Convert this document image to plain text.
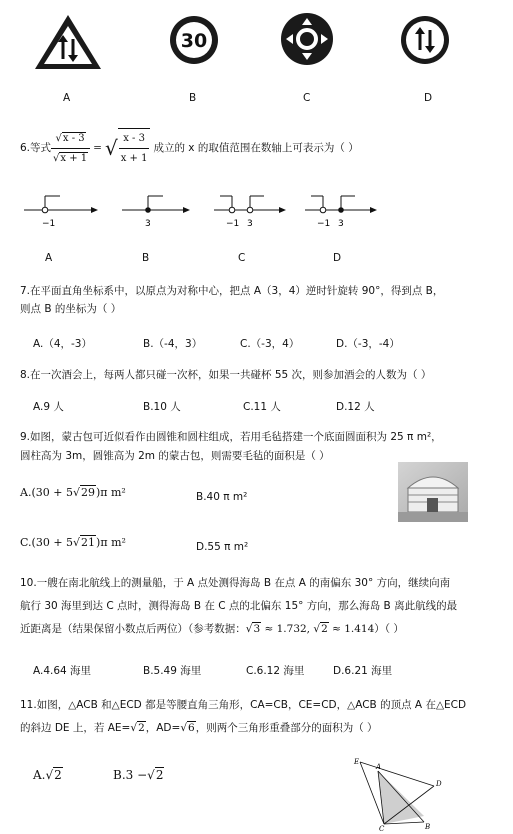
30
A	B	C	D
6.等式 $\frac{√x - 3}{√x + 1}$ = √ $\frac{x - 3}{x + 1}$ 成立的 x 的取值范围在数轴上可表示为（ ）
−1	3	−1 3	−1 3
A	B	C	D
7.在平面直角坐标系中，以原点为对称中心，把点 A（3，4）逆时针旋转 90°，得到点 B，
则点 B 的坐标为（ ）
A.（4，-3）	B.（-4，3）	C.（-3，4）	D.（-3，-4）
8.在一次酒会上，每两人都只碰一次杯，如果一共碰杯 55 次，则参加酒会的人数为（ ）
A.9 人	B.10 人	C.11 人	D.12 人
9.如图，蒙古包可近似看作由圆锥和圆柱组成，若用毛毡搭建一个底面圆面积为 25 π m²，
圆柱高为 3m，圆锥高为 2m 的蒙古包，则需要毛毡的面积是（ ）
A.(30 + 5√29)π m²	B.40 π m²
C.(30 + 5√21)π m²	D.55 π m²
10.一艘在南北航线上的测量船，于 A 点处测得海岛 B 在点 A 的南偏东 30° 方向，继续向南
航行 30 海里到达 C 点时，测得海岛 B 在 C 点的北偏东 15° 方向，那么海岛 B 离此航线的最
近距离是（结果保留小数点后两位）（参考数据：√3 ≈ 1.732, √2 ≈ 1.414）（ ）
A.4.64 海里	B.5.49 海里	C.6.12 海里	D.6.21 海里
11.如图，△ACB 和△ECD 都是等腰直角三角形，CA=CB，CE=CD，△ACB 的顶点 A 在△ECD
的斜边 DE 上，若 AE=√2，AD=√6，则两个三角形重叠部分的面积为（ ）
A.√2	B.3 −√2
E
A
D
C	B
